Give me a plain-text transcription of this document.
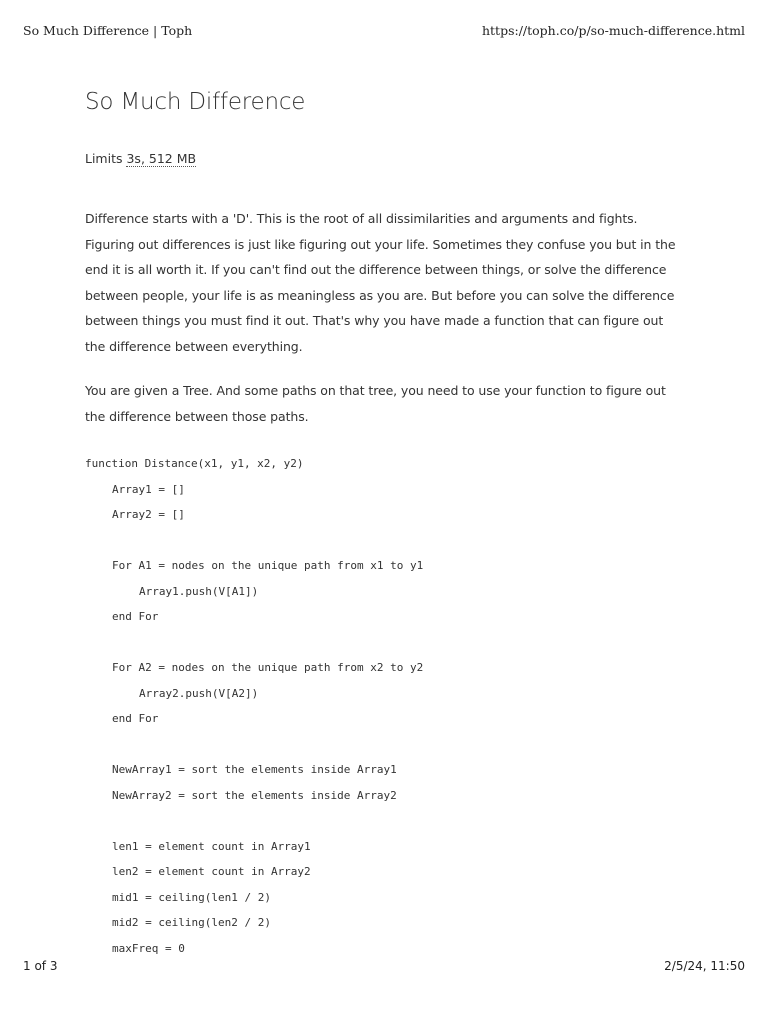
So Much Difference | Toph	https://toph.co/p/so-much-difference.html
So Much Difference
Limits 3s, 512 MB

Difference starts with a 'D'. This is the root of all dissimilarities and arguments and fights. Figuring out differences is just like figuring out your life. Sometimes they confuse you but in the end it is all worth it. If you can't find out the difference between things, or solve the difference between people, your life is as meaningless as you are. But before you can solve the difference between things you must find it out. That's why you have made a function that can figure out the difference between everything.

You are given a Tree. And some paths on that tree, you need to use your function to figure out the difference between those paths.

function Distance(x1, y1, x2, y2)
Array1 = []
Array2 = []
For A1 = nodes on the unique path from x1 to y1
Array1.push(V[A1])
end For
For A2 = nodes on the unique path from x2 to y2
Array2.push(V[A2])
end For
NewArray1 = sort the elements inside Array1
NewArray2 = sort the elements inside Array2
len1 = element count in Array1
len2 = element count in Array2
mid1 = ceiling(len1 / 2)
mid2 = ceiling(len2 / 2)
maxFreq = 0
1 of 3	2/5/24, 11:50
